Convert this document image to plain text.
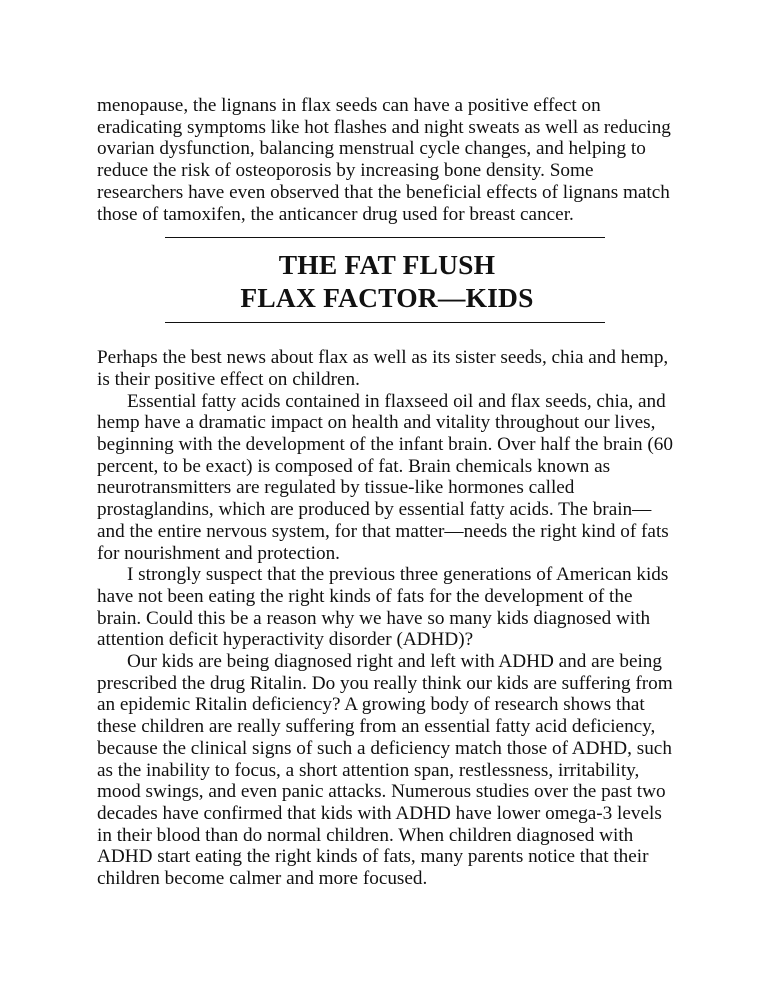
menopause, the lignans in flax seeds can have a positive effect on eradicating symptoms like hot flashes and night sweats as well as reducing ovarian dysfunction, balancing menstrual cycle changes, and helping to reduce the risk of osteoporosis by increasing bone density. Some researchers have even observed that the beneficial effects of lignans match those of tamoxifen, the anticancer drug used for breast cancer.

THE FAT FLUSH
FLAX FACTOR—KIDS

Perhaps the best news about flax as well as its sister seeds, chia and hemp, is their positive effect on children.

Essential fatty acids contained in flaxseed oil and flax seeds, chia, and hemp have a dramatic impact on health and vitality throughout our lives, beginning with the development of the infant brain. Over half the brain (60 percent, to be exact) is composed of fat. Brain chemicals known as neurotransmitters are regulated by tissue-like hormones called prostaglandins, which are produced by essential fatty acids. The brain—and the entire nervous system, for that matter—needs the right kind of fats for nourishment and protection.

I strongly suspect that the previous three generations of American kids have not been eating the right kinds of fats for the development of the brain. Could this be a reason why we have so many kids diagnosed with attention deficit hyperactivity disorder (ADHD)?

Our kids are being diagnosed right and left with ADHD and are being prescribed the drug Ritalin. Do you really think our kids are suffering from an epidemic Ritalin deficiency? A growing body of research shows that these children are really suffering from an essential fatty acid deficiency, because the clinical signs of such a deficiency match those of ADHD, such as the inability to focus, a short attention span, restlessness, irritability, mood swings, and even panic attacks. Numerous studies over the past two decades have confirmed that kids with ADHD have lower omega-3 levels in their blood than do normal children. When children diagnosed with ADHD start eating the right kinds of fats, many parents notice that their children become calmer and more focused.
